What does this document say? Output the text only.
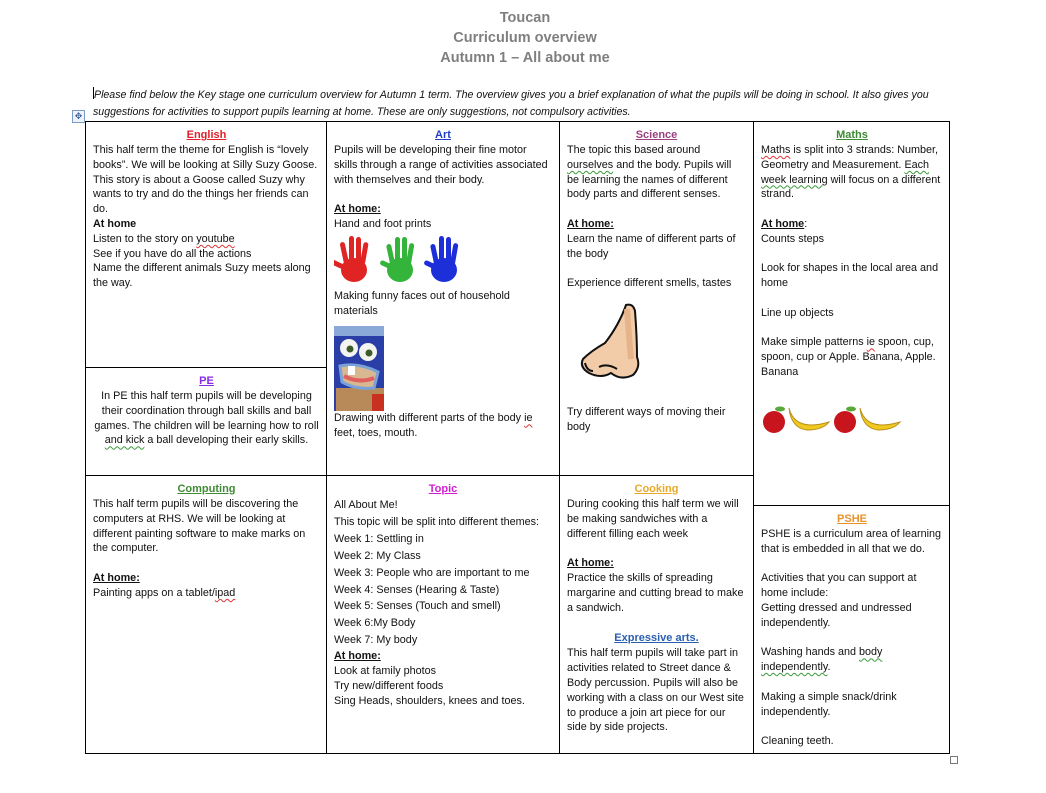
Toucan
Curriculum overview
Autumn 1 – All about me
Please find below the Key stage one curriculum overview for Autumn 1 term. The overview gives you a brief explanation of what the pupils will be doing in school. It also gives you suggestions for activities to support pupils learning at home. These are only suggestions, not compulsory activities.
✥
English
This half term the theme for English is “lovely books”. We will be looking at Silly Suzy Goose. This story is about a Goose called Suzy why wants to try and do the things her friends can do.
At home
Listen to the story on youtube
See if you have do all the actions
Name the different animals Suzy meets along the way.
PE
In PE this half term pupils will be developing their coordination through ball skills and ball games. The children will be learning how to roll and kick a ball developing their early skills.
Art
Pupils will be developing their fine motor skills through a range of activities associated with themselves and their body.
At home:
Hand and foot prints
Making funny faces out of household materials
Drawing with different parts of the body ie
feet, toes, mouth.
Science
The topic this based around ourselves and the body. Pupils will be learning the names of different body parts and different senses.
At home:
Learn the name of different parts of the body
Experience different smells, tastes
Try different ways of moving their body
Maths
Maths is split into 3 strands: Number, Geometry and Measurement. Each week learning will focus on a different strand.
At home:
Counts steps
Look for shapes in the local area and home
Line up objects
Make simple patterns ie spoon, cup, spoon, cup or Apple. Banana, Apple. Banana
Computing
This half term pupils will be discovering the computers at RHS. We will be looking at different painting software to make marks on the computer.
At home:
Painting apps on a tablet/ipad
Topic
All About Me!
This topic will be split into different themes:
Week 1: Settling in
Week 2: My Class
Week 3: People who are important to me
Week 4: Senses (Hearing & Taste)
Week 5: Senses (Touch and smell)
Week 6:My Body
Week 7: My body
At home:
Look at family photos
Try new/different foods
Sing Heads, shoulders, knees and toes.
Cooking
During cooking this half term we will be making sandwiches with a different filling each week
At home:
Practice the skills of spreading margarine and cutting bread to make a sandwich.
Expressive arts.
This half term pupils will take part in activities related to Street dance & Body percussion. Pupils will also be working with a class on our West site to produce a join art piece for our side by side projects.
PSHE
PSHE is a curriculum area of learning that is embedded in all that we do.
Activities that you can support at home include:
Getting dressed and undressed independently.
Washing hands and body independently.
Making a simple snack/drink independently.
Cleaning teeth.
